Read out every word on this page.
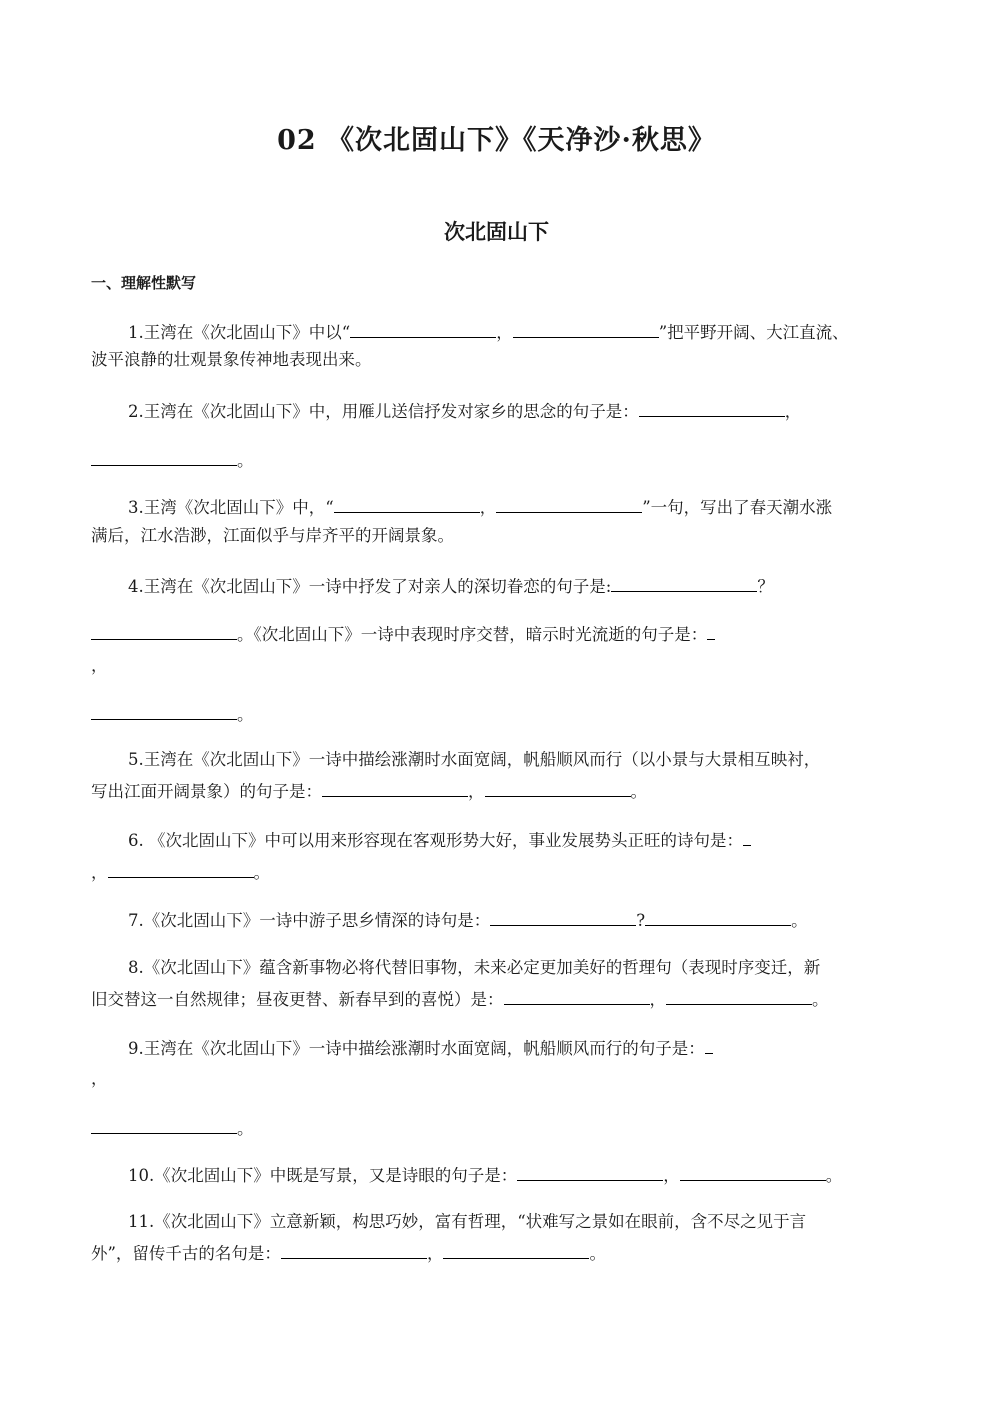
02 《次北固山下》《天净沙·秋思》
次北固山下
一、理解性默写
1.王湾在《次北固山下》中以“	，	”把平野开阔、大江直流、
波平浪静的壮观景象传神地表现出来。
2.王湾在《次北固山下》中，用雁儿送信抒发对家乡的思念的句子是：	，
。
3.王湾《次北固山下》中，“	，	”一句，写出了春天潮水涨
满后，江水浩渺，江面似乎与岸齐平的开阔景象。
4.王湾在《次北固山下》一诗中抒发了对亲人的深切眷恋的句子是:	？
。《次北固山下》一诗中表现时序交替，暗示时光流逝的句子是：
，
。
5.王湾在《次北固山下》一诗中描绘涨潮时水面宽阔，帆船顺风而行（以小景与大景相互映衬，
写出江面开阔景象）的句子是：	，	。
6. 《次北固山下》中可以用来形容现在客观形势大好，事业发展势头正旺的诗句是：
，	。
7.《次北固山下》一诗中游子思乡情深的诗句是：	?	。
8.《次北固山下》蕴含新事物必将代替旧事物，未来必定更加美好的哲理句（表现时序变迁，新
旧交替这一自然规律；昼夜更替、新春早到的喜悦）是：	，	。
9.王湾在《次北固山下》一诗中描绘涨潮时水面宽阔，帆船顺风而行的句子是：
，
。
10.《次北固山下》中既是写景，又是诗眼的句子是：	，	。
11.《次北固山下》立意新颖，构思巧妙，富有哲理，“状难写之景如在眼前，含不尽之见于言
外”，留传千古的名句是：	，	。
